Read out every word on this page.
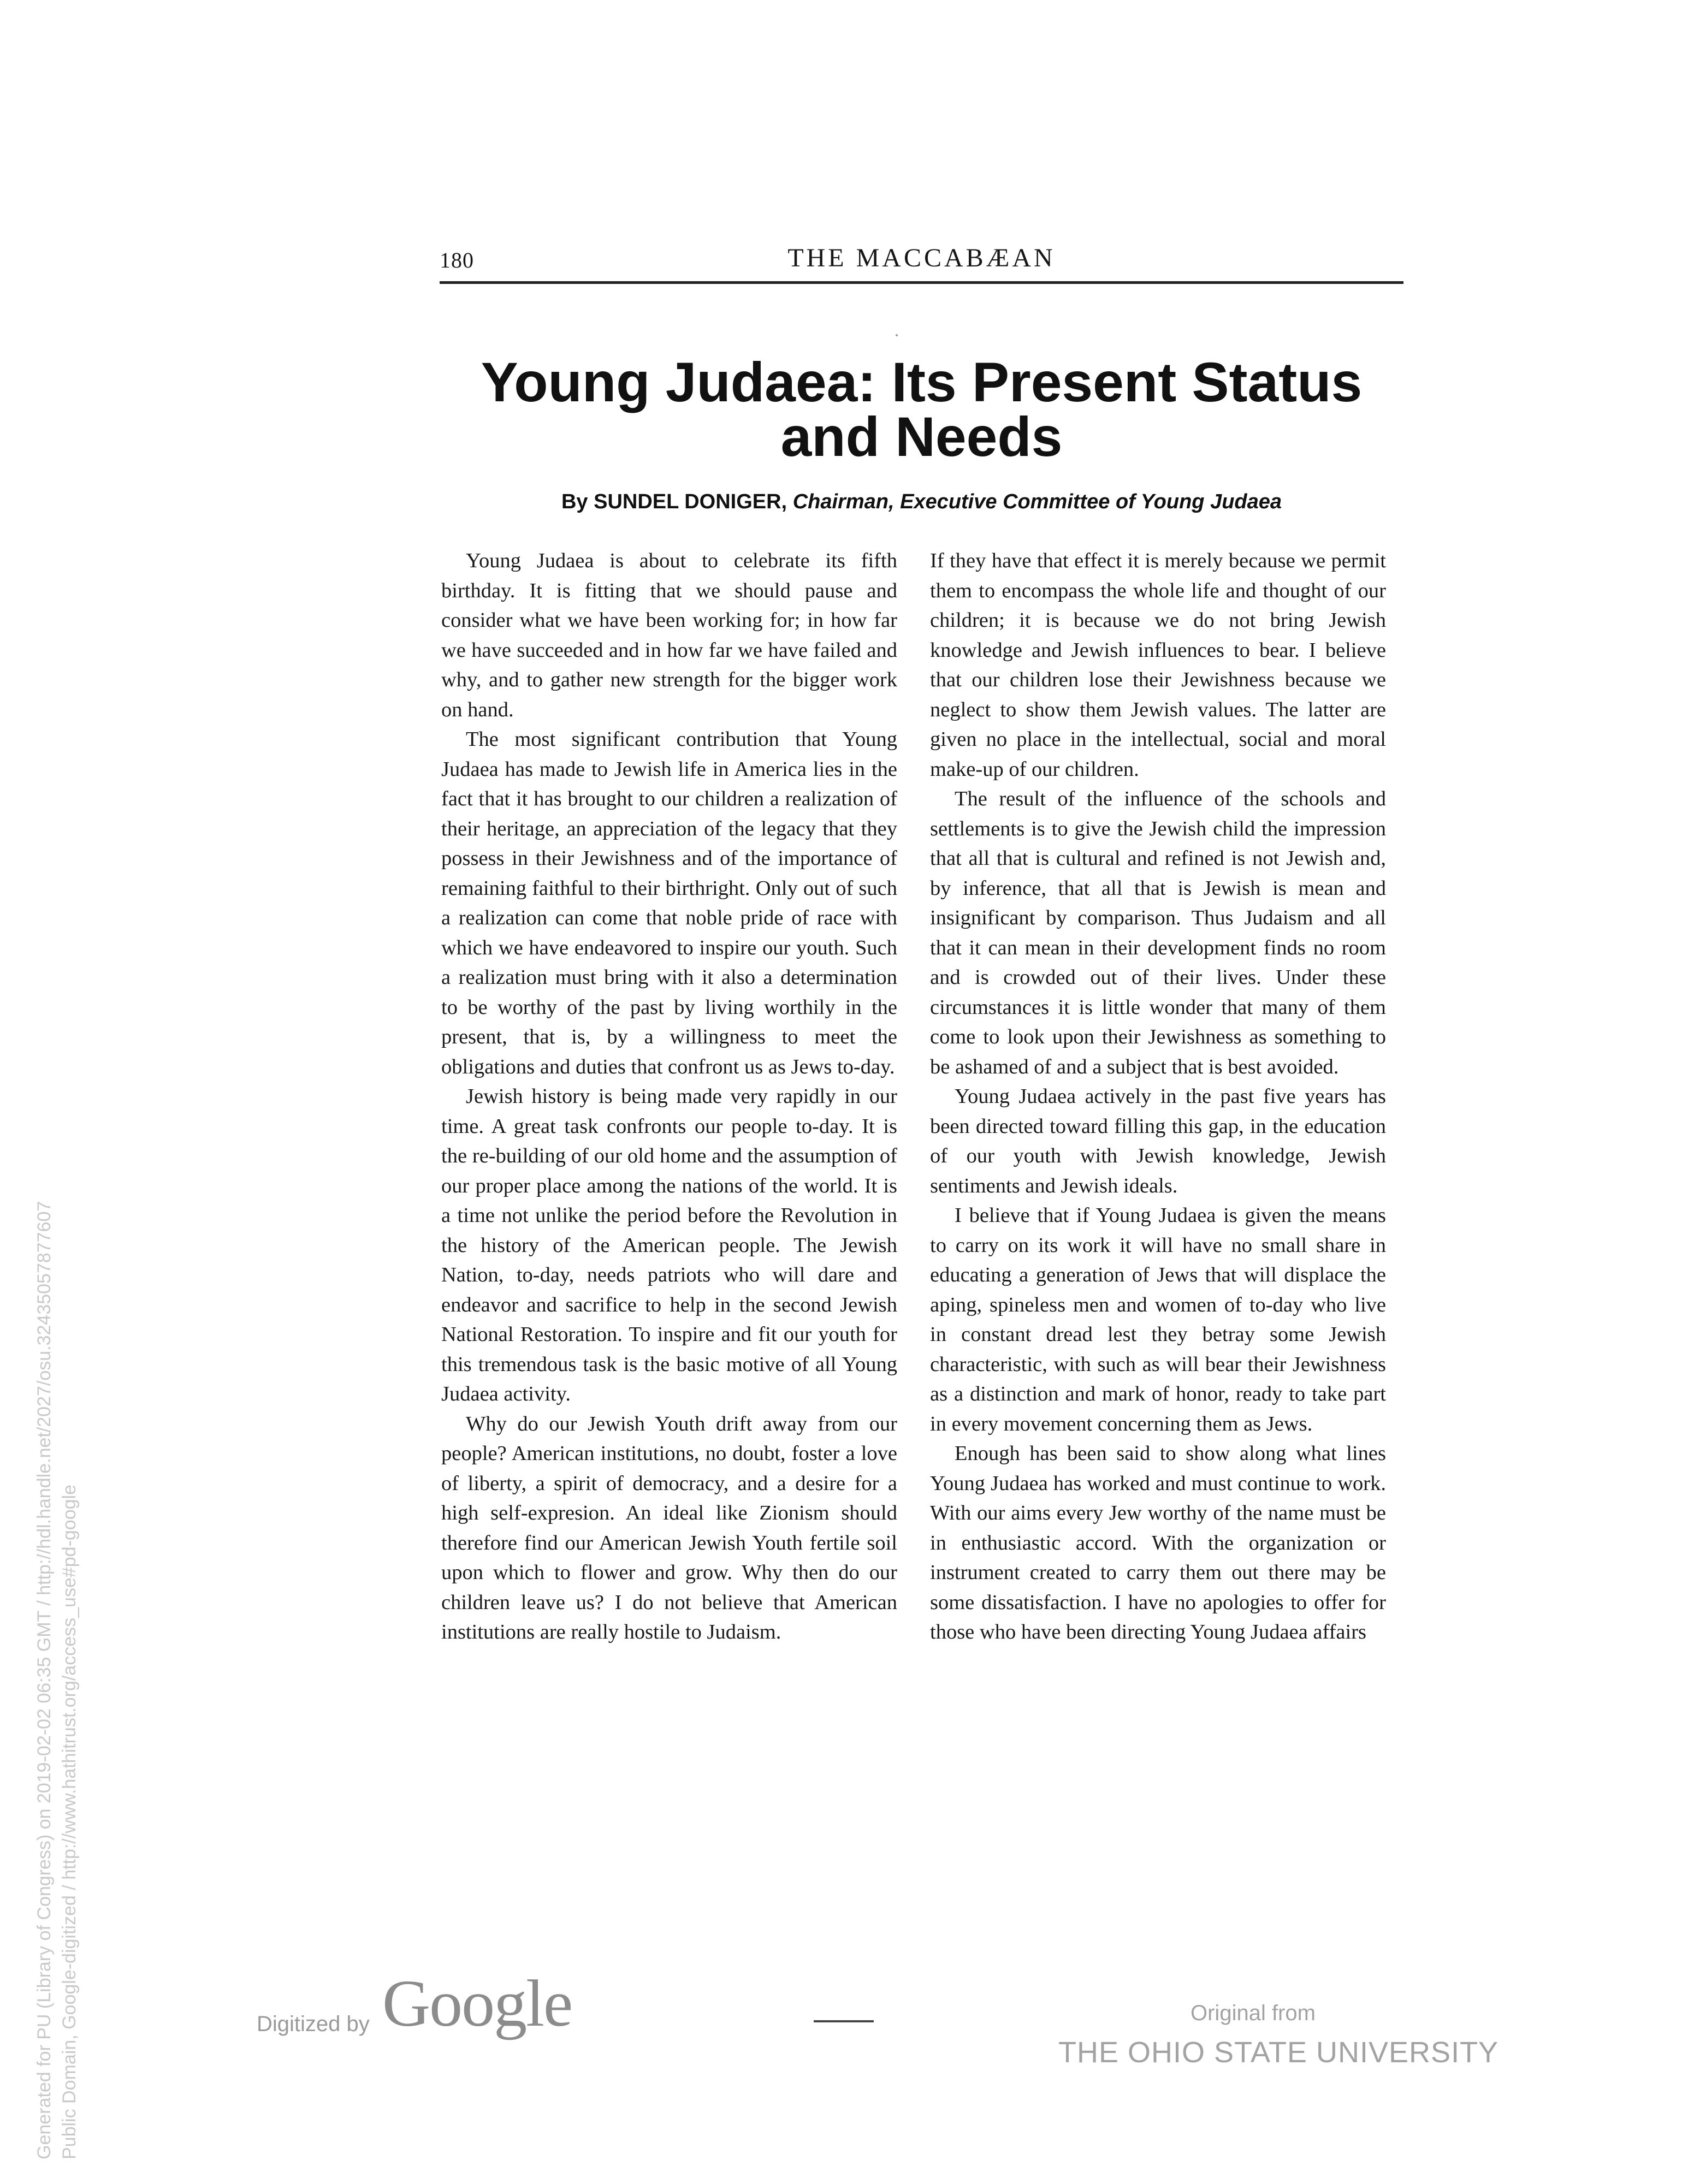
180	THE MACCABÆAN
Young Judaea: Its Present Status
and Needs
By SUNDEL DONIGER, Chairman, Executive Committee of Young Judaea

Young Judaea is about to celebrate its fifth birthday. It is fitting that we should pause and consider what we have been working for; in how far we have succeeded and in how far we have failed and why, and to gather new strength for the bigger work on hand.

The most significant contribution that Young Judaea has made to Jewish life in America lies in the fact that it has brought to our children a realization of their heritage, an appreciation of the legacy that they possess in their Jewishness and of the importance of remaining faithful to their birthright. Only out of such a realization can come that noble pride of race with which we have endeavored to inspire our youth. Such a realization must bring with it also a determination to be worthy of the past by living worthily in the present, that is, by a willingness to meet the obligations and duties that confront us as Jews to-day.

Jewish history is being made very rapidly in our time. A great task confronts our people to-day. It is the re-building of our old home and the assumption of our proper place among the nations of the world. It is a time not unlike the period before the Revolution in the history of the American people. The Jewish Nation, to-day, needs patriots who will dare and endeavor and sacrifice to help in the second Jewish National Restoration. To inspire and fit our youth for this tremendous task is the basic motive of all Young Judaea activity.

Why do our Jewish Youth drift away from our people? American institutions, no doubt, foster a love of liberty, a spirit of democracy, and a desire for a high self-expresion. An ideal like Zionism should therefore find our American Jewish Youth fertile soil upon which to flower and grow. Why then do our children leave us? I do not believe that American institutions are really hostile to Judaism.

If they have that effect it is merely because we permit them to encompass the whole life and thought of our children; it is because we do not bring Jewish knowledge and Jewish influences to bear. I believe that our children lose their Jewishness because we neglect to show them Jewish values. The latter are given no place in the intellectual, social and moral make-up of our children.

The result of the influence of the schools and settlements is to give the Jewish child the impression that all that is cultural and refined is not Jewish and, by inference, that all that is Jewish is mean and insignificant by comparison. Thus Judaism and all that it can mean in their development finds no room and is crowded out of their lives. Under these circumstances it is little wonder that many of them come to look upon their Jewishness as something to be ashamed of and a subject that is best avoided.

Young Judaea actively in the past five years has been directed toward filling this gap, in the education of our youth with Jewish knowledge, Jewish sentiments and Jewish ideals.

I believe that if Young Judaea is given the means to carry on its work it will have no small share in educating a generation of Jews that will displace the aping, spineless men and women of to-day who live in constant dread lest they betray some Jewish characteristic, with such as will bear their Jewishness as a distinction and mark of honor, ready to take part in every movement concerning them as Jews.

Enough has been said to show along what lines Young Judaea has worked and must continue to work. With our aims every Jew worthy of the name must be in enthusiastic accord. With the organization or instrument created to carry them out there may be some dissatisfaction. I have no apologies to offer for those who have been directing Young Judaea affairs

Generated for PU (Library of Congress) on 2019-02-02 06:35 GMT / http://hdl.handle.net/2027/osu.32435057877607 Public Domain, Google-digitized / http://www.hathitrust.org/access_use#pd-google	Digitized by Google	Original from
THE OHIO STATE UNIVERSITY
